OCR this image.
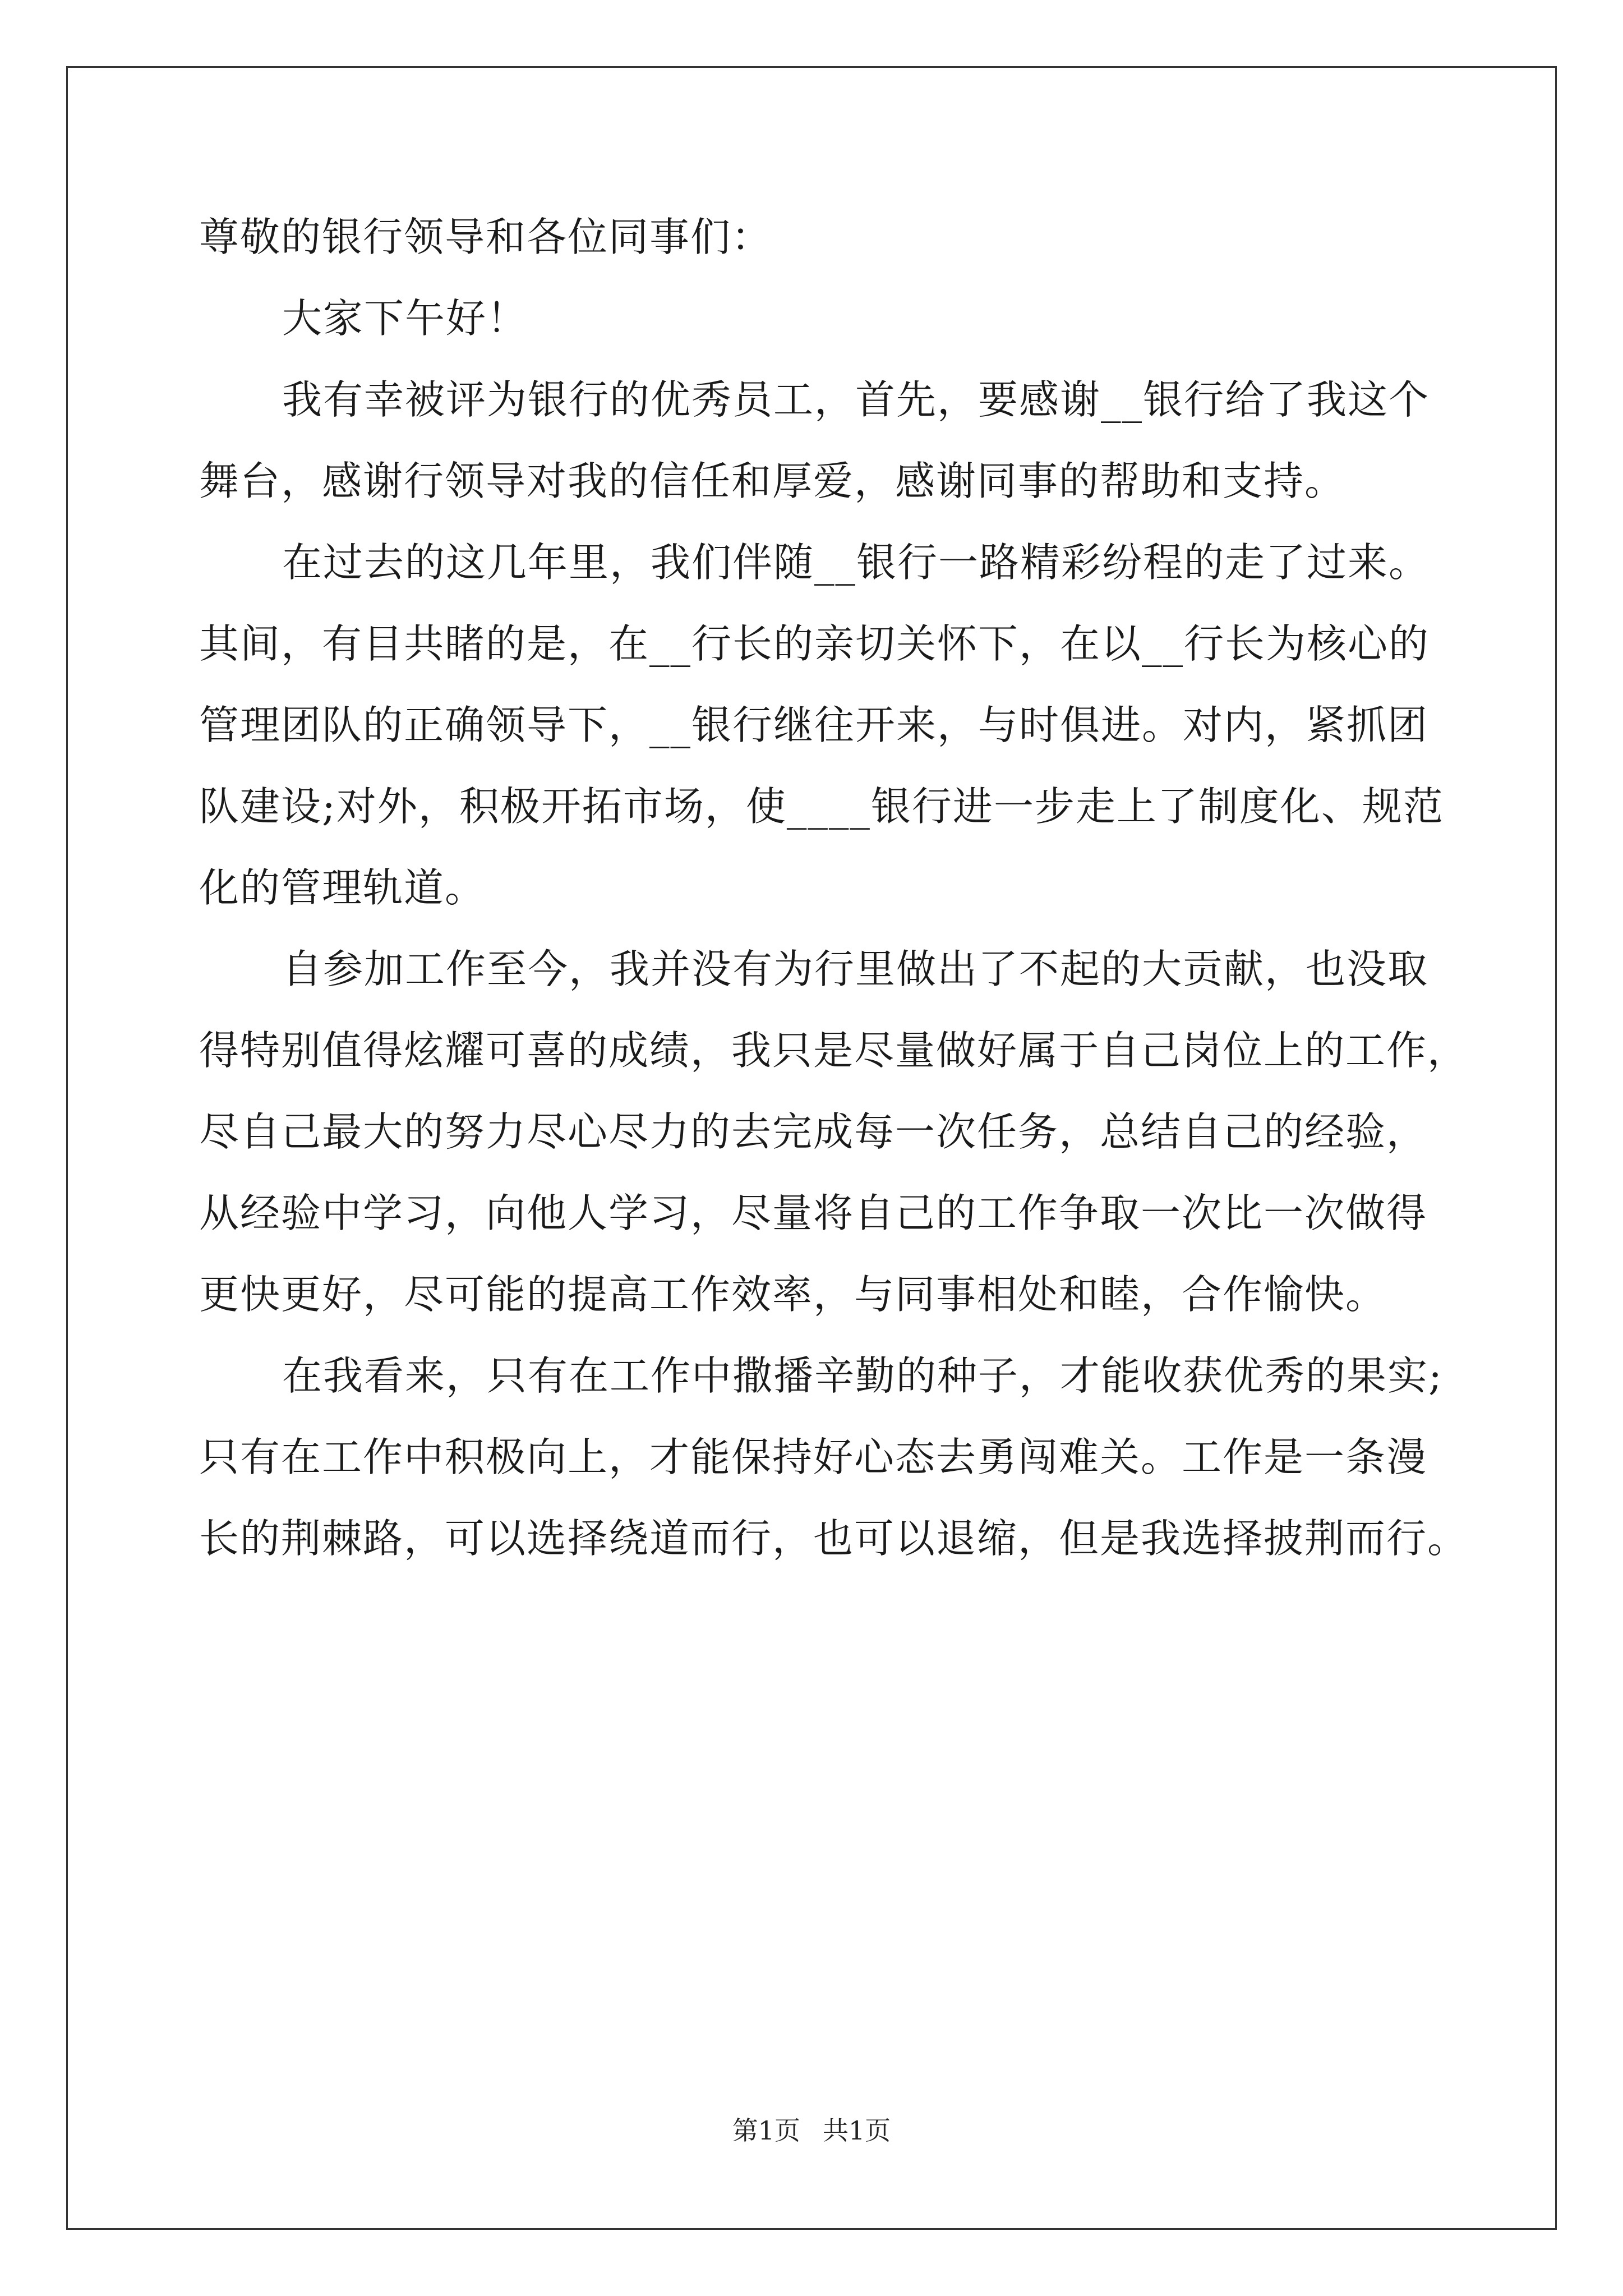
尊敬的银行领导和各位同事们：
大家下午好！
我有幸被评为银行的优秀员工，首先，要感谢__银行给了我这个
舞台，感谢行领导对我的信任和厚爱，感谢同事的帮助和支持。
在过去的这几年里，我们伴随__银行一路精彩纷程的走了过来。
其间，有目共睹的是，在__行长的亲切关怀下，在以__行长为核心的
管理团队的正确领导下，__银行继往开来，与时俱进。对内，紧抓团
队建设;对外，积极开拓市场，使____银行进一步走上了制度化、规范
化的管理轨道。
自参加工作至今，我并没有为行里做出了不起的大贡献，也没取
得特别值得炫耀可喜的成绩，我只是尽量做好属于自己岗位上的工作，
尽自己最大的努力尽心尽力的去完成每一次任务，总结自己的经验，
从经验中学习，向他人学习，尽量将自己的工作争取一次比一次做得
更快更好，尽可能的提高工作效率，与同事相处和睦，合作愉快。
在我看来，只有在工作中撒播辛勤的种子，才能收获优秀的果实;
只有在工作中积极向上，才能保持好心态去勇闯难关。工作是一条漫
长的荆棘路，可以选择绕道而行，也可以退缩，但是我选择披荆而行。
第1页 共1页
